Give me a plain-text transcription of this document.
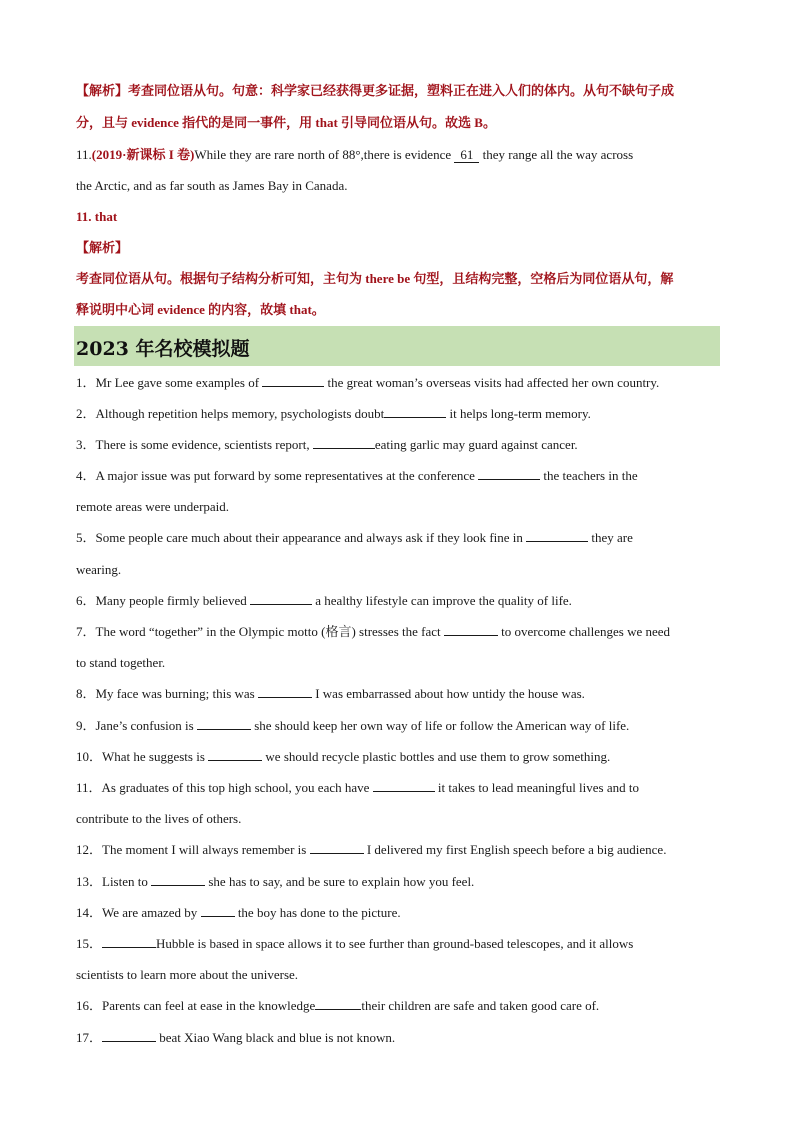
【解析】考查同位语从句。句意：科学家已经获得更多证据，塑料正在进入人们的体内。从句不缺句子成
分，且与 evidence 指代的是同一事件，用 that 引导同位语从句。故选 B。
11.(2019·新课标 I 卷)While they are rare north of 88°,there is evidence 61 they range all the way across
the Arctic, and as far south as James Bay in Canada.
11. that
【解析】
考查同位语从句。根据句子结构分析可知，主句为 there be 句型，且结构完整，空格后为同位语从句，解
释说明中心词 evidence 的内容，故填 that。
2023 年名校模拟题
1．Mr Lee gave some examples of	the great woman’s overseas visits had affected her own country.
2．Although repetition helps memory, psychologists doubt	it helps long-term memory.
3．There is some evidence, scientists report,	eating garlic may guard against cancer.
4．A major issue was put forward by some representatives at the conference	the teachers in the
remote areas were underpaid.
5．Some people care much about their appearance and always ask if they look fine in	they are
wearing.
6．Many people firmly believed	a healthy lifestyle can improve the quality of life.
7．The word “together” in the Olympic motto (格言) stresses the fact	to overcome challenges we need
to stand together.
8．My face was burning; this was	I was embarrassed about how untidy the house was.
9．Jane’s confusion is	she should keep her own way of life or follow the American way of life.
10．What he suggests is	we should recycle plastic bottles and use them to grow something.
11．As graduates of this top high school, you each have	it takes to lead meaningful lives and to
contribute to the lives of others.
12．The moment I will always remember is	I delivered my first English speech before a big audience.
13．Listen to	she has to say, and be sure to explain how you feel.
14．We are amazed by	the boy has done to the picture.
15．	Hubble is based in space allows it to see further than ground-based telescopes, and it allows
scientists to learn more about the universe.
16．Parents can feel at ease in the knowledge	their children are safe and taken good care of.
17．	beat Xiao Wang black and blue is not known.
